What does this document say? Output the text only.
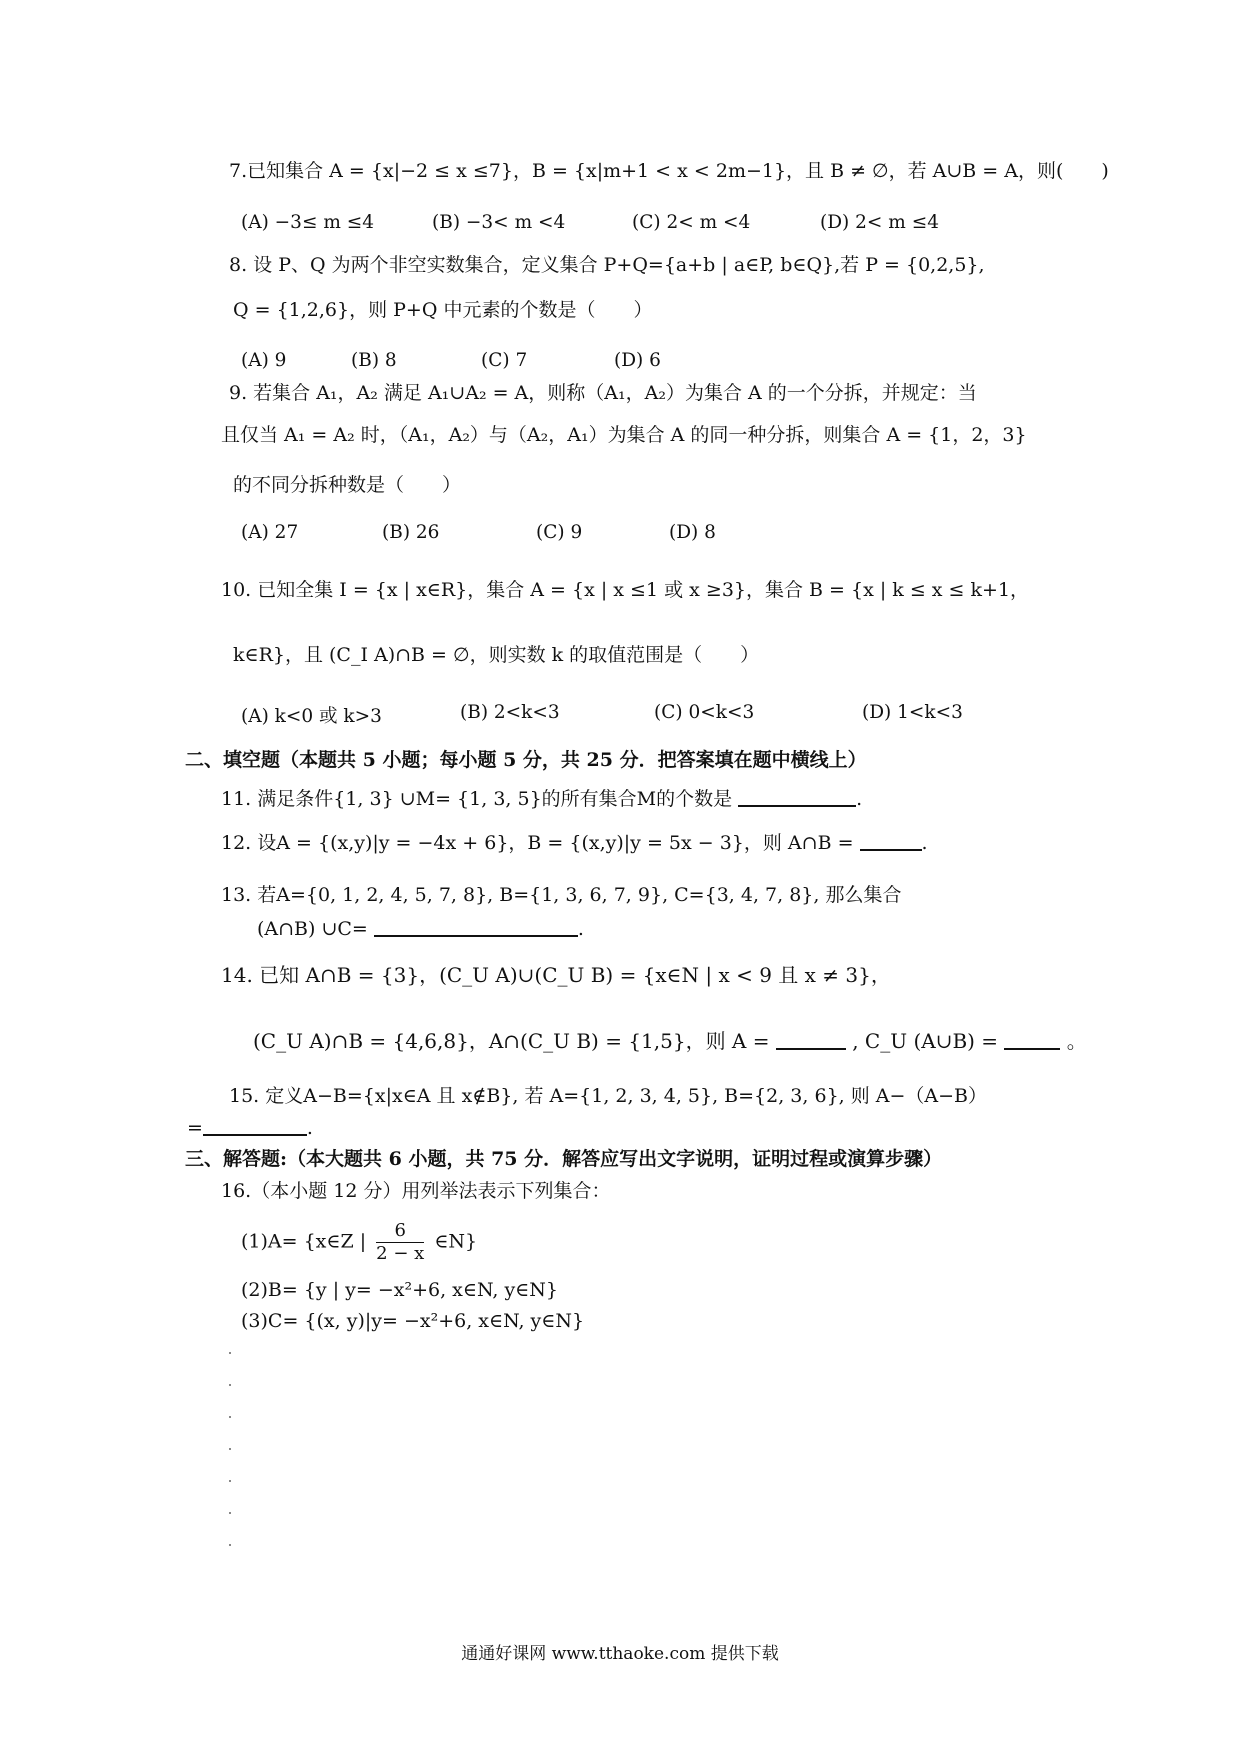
7.已知集合 A = {x|−2 ≤ x ≤7}，B = {x|m+1 < x < 2m−1}，且 B ≠ ∅，若 A∪B = A，则(　　)
(A) −3≤ m ≤4	(B) −3< m <4	(C) 2< m <4	(D) 2< m ≤4
8. 设 P、Q 为两个非空实数集合，定义集合 P+Q={a+b | a∈P, b∈Q},若 P = {0,2,5},
Q = {1,2,6}，则 P+Q 中元素的个数是（　　）
(A) 9	(B) 8	(C) 7	(D) 6
9. 若集合 A₁，A₂ 满足 A₁∪A₂ = A，则称（A₁，A₂）为集合 A 的一个分拆，并规定：当
且仅当 A₁ = A₂ 时，（A₁，A₂）与（A₂，A₁）为集合 A 的同一种分拆，则集合 A = {1，2，3}
的不同分拆种数是（　　）
(A) 27	(B) 26	(C) 9	(D) 8
10. 已知全集 I = {x | x∈R}，集合 A = {x | x ≤1 或 x ≥3}，集合 B = {x | k ≤ x ≤ k+1，
k∈R}，且 (C_I A)∩B = ∅，则实数 k 的取值范围是（　　）
(A) k<0 或 k>3	(B) 2<k<3	(C) 0<k<3	(D) 1<k<3
二、填空题（本题共 5 小题；每小题 5 分，共 25 分．把答案填在题中横线上）
11. 满足条件{1, 3} ∪M= {1, 3, 5}的所有集合M的个数是	.
12. 设A = {(x,y)|y = −4x + 6}，B = {(x,y)|y = 5x − 3}，则 A∩B =	.
13. 若A={0, 1, 2, 4, 5, 7, 8}, B={1, 3, 6, 7, 9}, C={3, 4, 7, 8}, 那么集合
(A∩B) ∪C=	.
14. 已知 A∩B = {3}，(C_U A)∪(C_U B) = {x∈N | x < 9 且 x ≠ 3}，
(C_U A)∩B = {4,6,8}，A∩(C_U B) = {1,5}，则 A =	, C_U (A∪B) =	。
15. 定义A−B={x|x∈A 且 x∉B}, 若 A={1, 2, 3, 4, 5}, B={2, 3, 6}, 则 A−（A−B）
=	.
三、解答题:（本大题共 6 小题，共 75 分．解答应写出文字说明，证明过程或演算步骤）
16.（本小题 12 分）用列举法表示下列集合：
(1)A= {x∈Z | $\frac{6}{2 - x}$ ∈N}
(2)B= {y | y= −x²+6, x∈N, y∈N}
(3)C= {(x, y)|y= −x²+6, x∈N, y∈N}
通通好课网 www.tthaoke.com 提供下载
